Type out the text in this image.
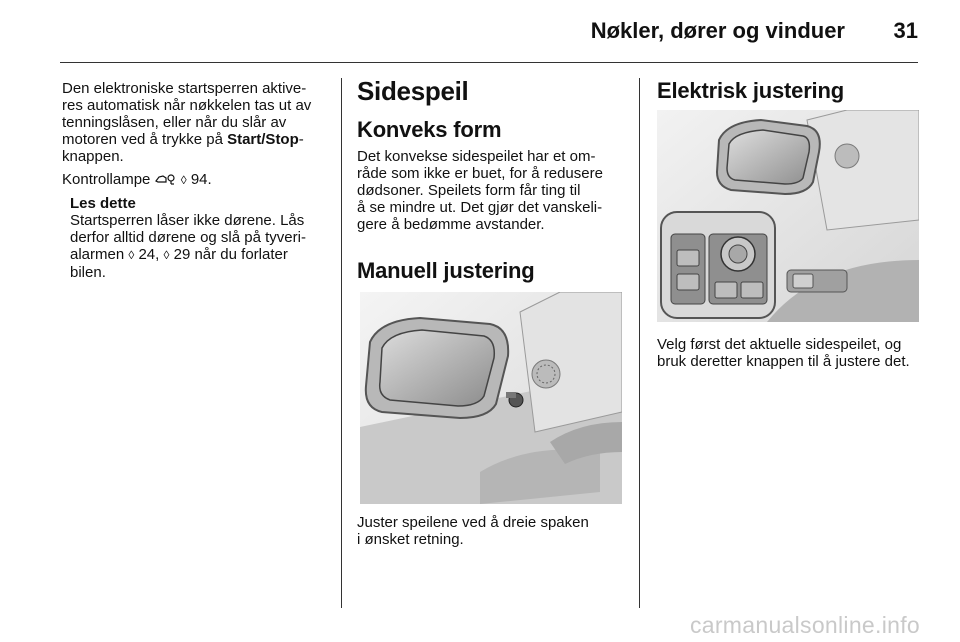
Nøkler, dører og vinduer 31
Den elektroniske startsperren aktive-
res automatisk når nøkkelen tas ut av
tenningslåsen, eller når du slår av
motoren ved å trykke på Start/Stop-
knappen.
Kontrollampe  ◊ 94.
Les dette
Startsperren låser ikke dørene. Lås
derfor alltid dørene og slå på tyveri-
alarmen ◊ 24, ◊ 29 når du forlater
bilen.
Sidespeil
Konveks form
Det konvekse sidespeilet har et om-
råde som ikke er buet, for å redusere
dødsoner. Speilets form får ting til
å se mindre ut. Det gjør det vanskeli-
gere å bedømme avstander.
Manuell justering
Juster speilene ved å dreie spaken
i ønsket retning.
Elektrisk justering
Velg først det aktuelle sidespeilet, og
bruk deretter knappen til å justere det.
carmanualsonline.info
